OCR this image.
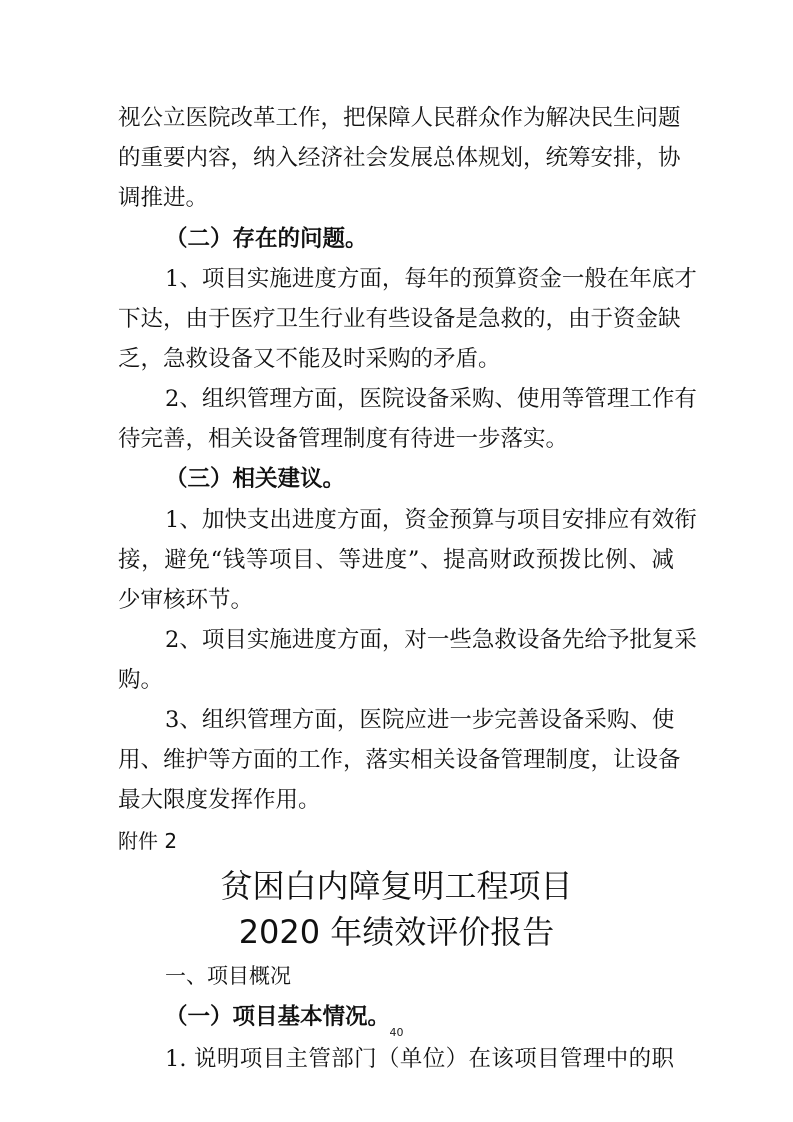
视公立医院改革工作，把保障人民群众作为解决民生问题

的重要内容，纳入经济社会发展总体规划，统筹安排，协

调推进。

（二）存在的问题。

1、项目实施进度方面，每年的预算资金一般在年底才

下达，由于医疗卫生行业有些设备是急救的，由于资金缺

乏，急救设备又不能及时采购的矛盾。

2、组织管理方面，医院设备采购、使用等管理工作有

待完善，相关设备管理制度有待进一步落实。

（三）相关建议。

1、加快支出进度方面，资金预算与项目安排应有效衔

接，避免“钱等项目、等进度”、提高财政预拨比例、减

少审核环节。

2、项目实施进度方面，对一些急救设备先给予批复采

购。

3、组织管理方面，医院应进一步完善设备采购、使

用、维护等方面的工作，落实相关设备管理制度，让设备

最大限度发挥作用。

附件 2

贫困白内障复明工程项目

2020 年绩效评价报告

一、项目概况

（一）项目基本情况。

1. 说明项目主管部门（单位）在该项目管理中的职

40
